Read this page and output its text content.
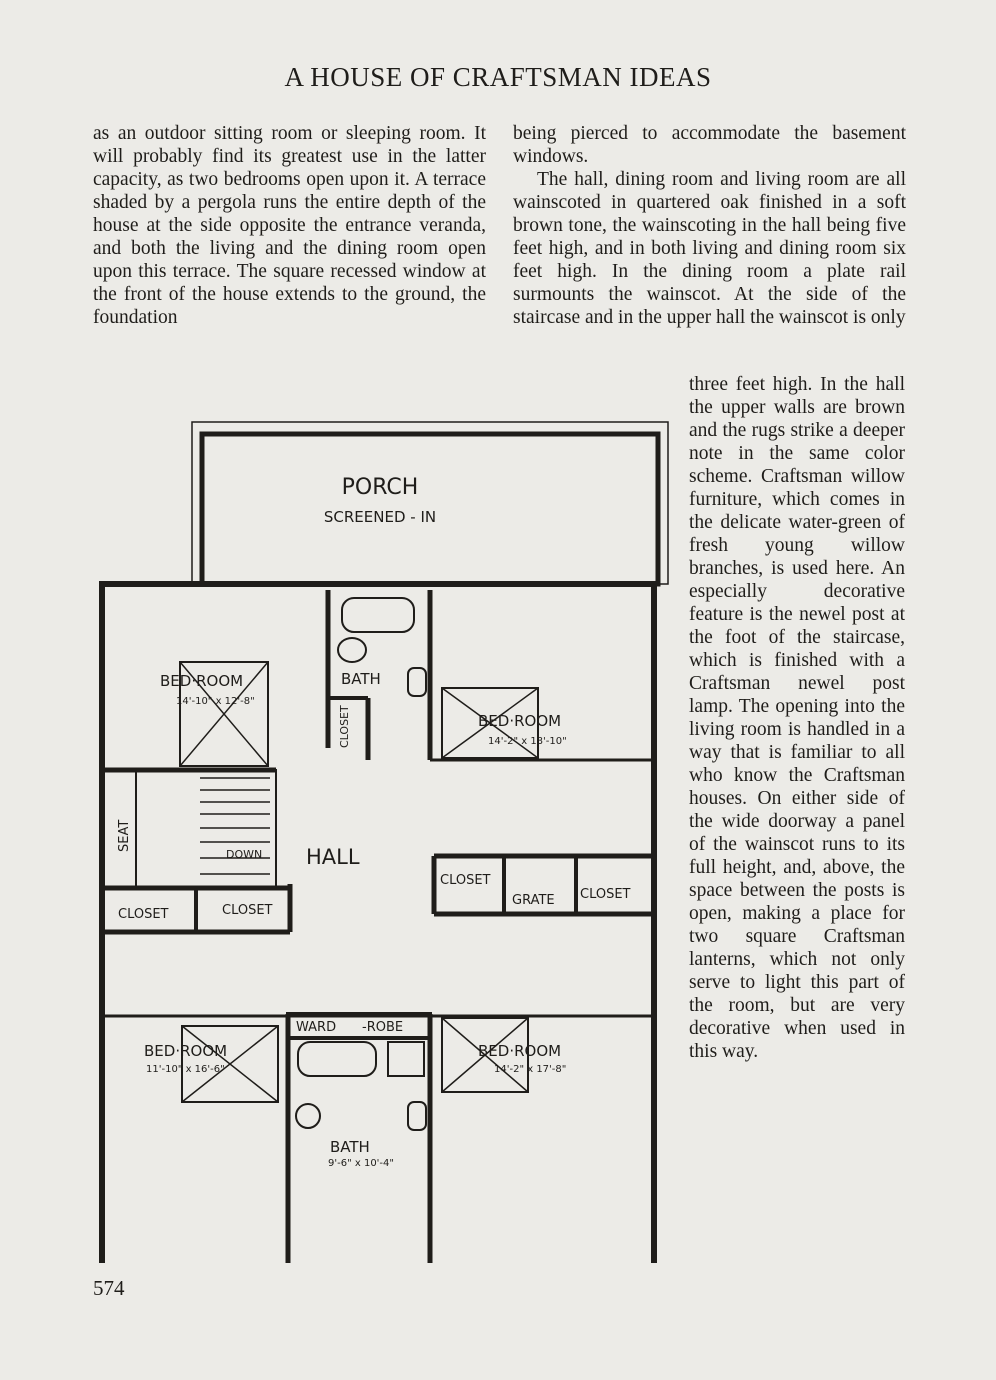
A HOUSE OF CRAFTSMAN IDEAS

as an outdoor sitting room or sleeping room. It will probably find its greatest use in the latter capacity, as two bedrooms open upon it. A terrace shaded by a pergola runs the entire depth of the house at the side opposite the entrance veranda, and both the living and the dining room open upon this terrace. The square recessed window at the front of the house extends to the ground, the foundation

being pierced to accommodate the basement windows.

The hall, dining room and living room are all wainscoted in quartered oak finished in a soft brown tone, the wainscoting in the hall being five feet high, and in both living and dining room six feet high. In the dining room a plate rail surmounts the wainscot. At the side of the staircase and in the upper hall the wainscot is only

three feet high. In the hall the upper walls are brown and the rugs strike a deeper note in the same color scheme. Craftsman willow furniture, which comes in the delicate water-green of fresh young willow branches, is used here. An especially decorative feature is the newel post at the foot of the staircase, which is finished with a Craftsman newel post lamp. The opening into the living room is handled in a way that is familiar to all who know the Craftsman houses. On either side of the wide doorway a panel of the wainscot runs to its full height, and, above, the space between the posts is open, making a place for two square Craftsman lanterns, which not only serve to light this part of the room, but are very decorative when used in this way.

PORCH
SCREENED - IN
BED·ROOM
14'-10" x 12'-8"
BATH
CLOSET	BED·ROOM
14'-2" x 18'-10"
SEAT
DOWN HALL
CLOSET	CLOSET
CLOSET
GRATE CLOSET
WARD -ROBE
BED·ROOM
11'-10" x 16'-6"
BED·ROOM
14'-2" x 17'-8"
BATH
9'-6" x 10'-4"
574
